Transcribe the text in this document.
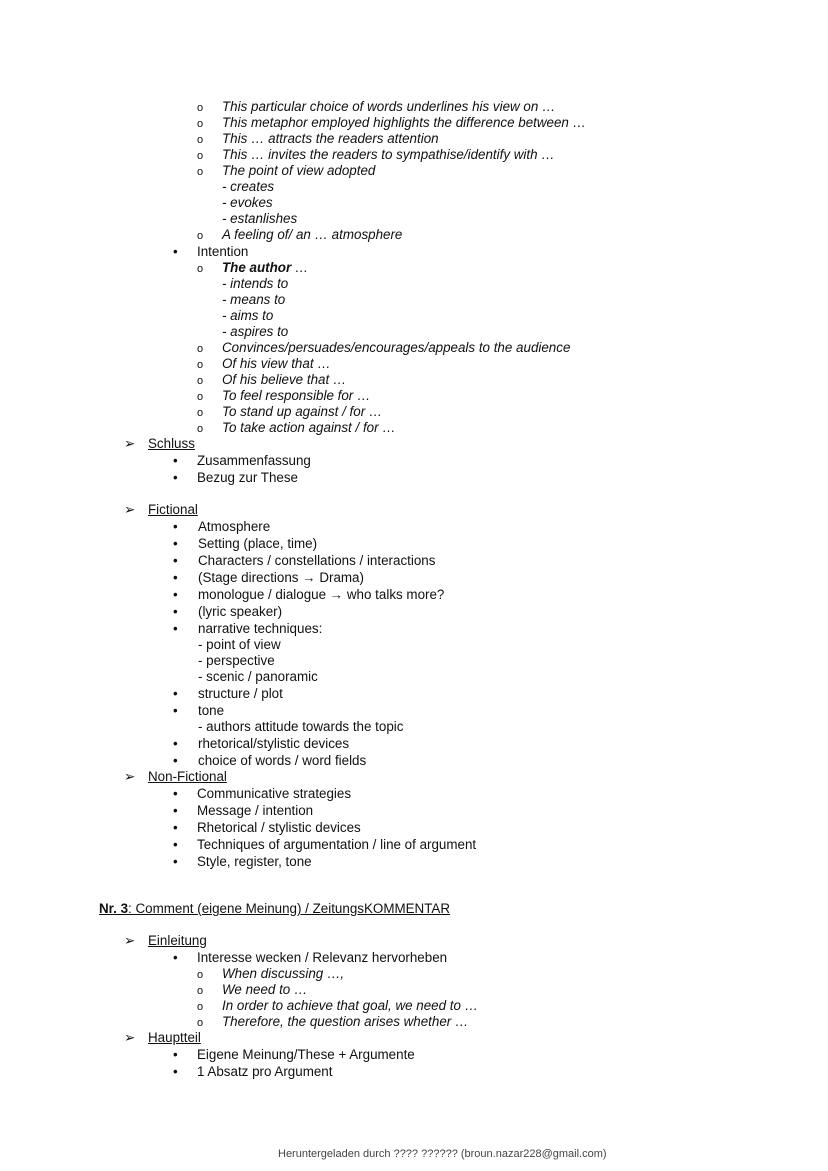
o This particular choice of words underlines his view on …
o This metaphor employed highlights the difference between …
o This … attracts the readers attention
o This … invites the readers to sympathise/identify with …
o The point of view adopted
- creates
- evokes
- estanlishes
o A feeling of/ an … atmosphere
• Intention
o The author …
- intends to
- means to
- aims to
- aspires to
o Convinces/persuades/encourages/appeals to the audience
o Of his view that …
o Of his believe that …
o To feel responsible for …
o To stand up against / for …
o To take action against / for …
➢ Schluss
• Zusammenfassung
• Bezug zur These
➢ Fictional
• Atmosphere
• Setting (place, time)
• Characters / constellations / interactions
• (Stage directions → Drama)
• monologue / dialogue → who talks more?
• (lyric speaker)
• narrative techniques:
- point of view
- perspective
- scenic / panoramic
• structure / plot
• tone
- authors attitude towards the topic
• rhetorical/stylistic devices
• choice of words / word fields
➢ Non-Fictional
• Communicative strategies
• Message / intention
• Rhetorical / stylistic devices
• Techniques of argumentation / line of argument
• Style, register, tone
Nr. 3: Comment (eigene Meinung) / ZeitungsKOMMENTAR
➢ Einleitung
• Interesse wecken / Relevanz hervorheben
o When discussing …,
o We need to …
o In order to achieve that goal, we need to …
o Therefore, the question arises whether …
➢ Hauptteil
• Eigene Meinung/These + Argumente
• 1 Absatz pro Argument
Heruntergeladen durch ???? ?????? (broun.nazar228@gmail.com)
